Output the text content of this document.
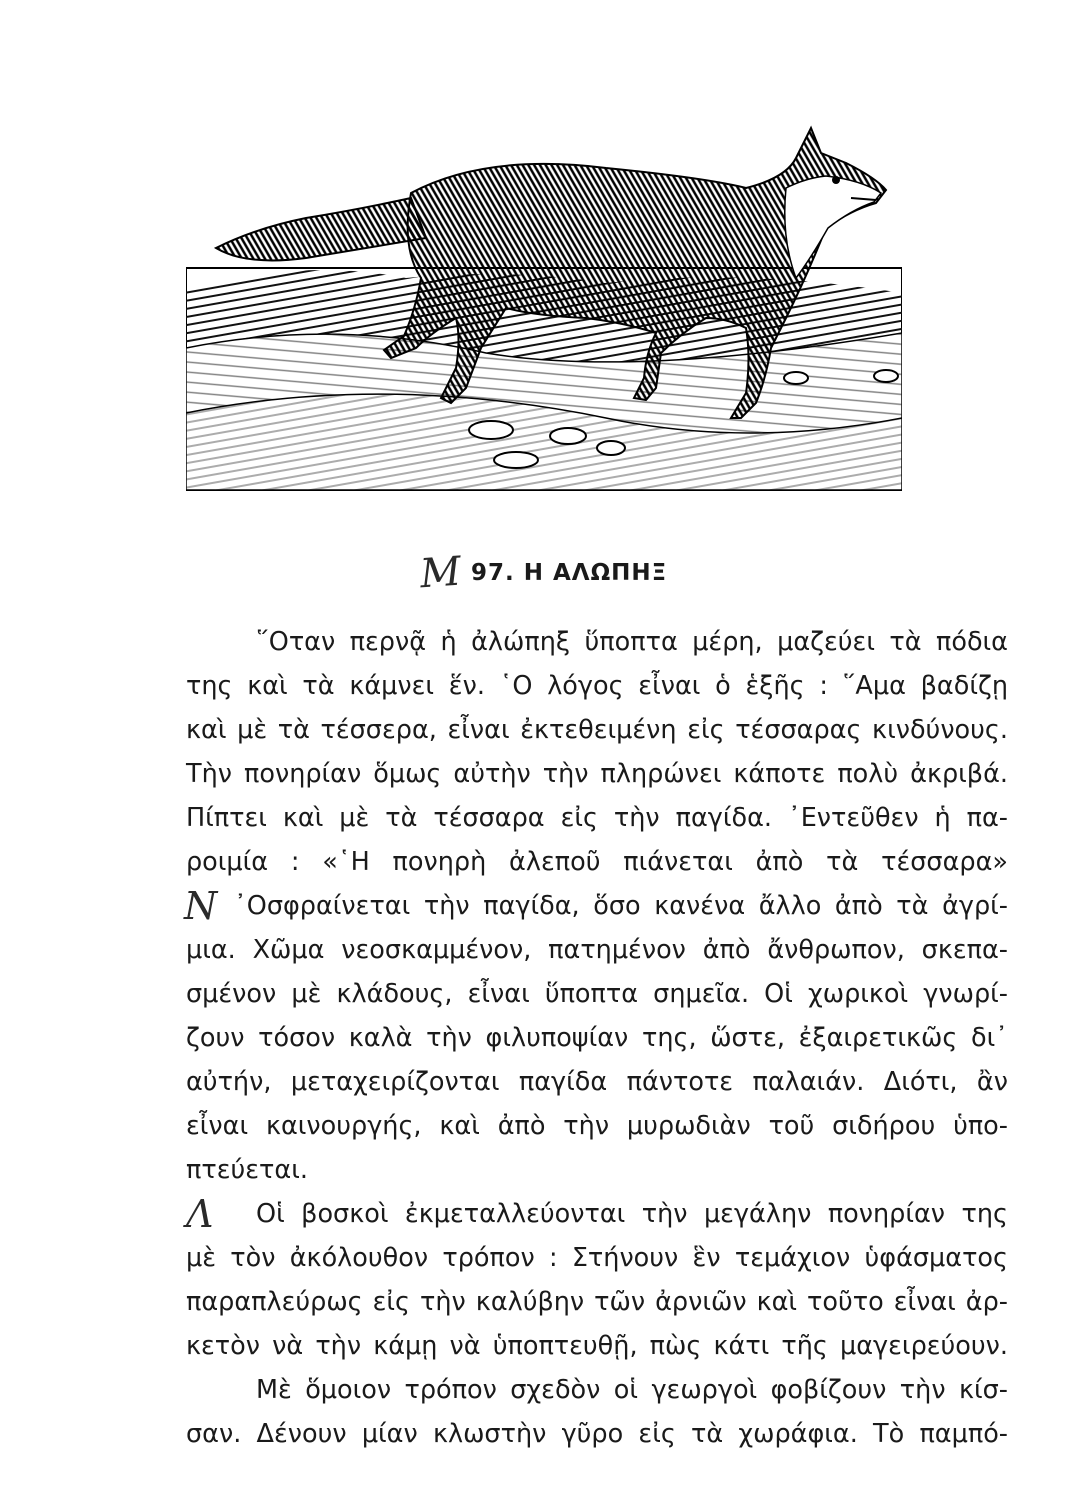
Μ 97. Η ΑΛΩΠΗΞ
῞Οταν περνᾷ ἡ ἀλώπηξ ὕποπτα μέρη, μαζεύει τὰ πόδια
της καὶ τὰ κάμνει ἕν. ῾Ο λόγος εἶναι ὁ ἑξῆς : ῞Αμα βαδίζῃ
καὶ μὲ τὰ τέσσερα, εἶναι ἐκτεθειμένη εἰς τέσσαρας κινδύνους.
Τὴν πονηρίαν ὅμως αὐτὴν τὴν πληρώνει κάποτε πολὺ ἀκριβά.
Πίπτει καὶ μὲ τὰ τέσσαρα εἰς τὴν παγίδα. ᾿Εντεῦθεν ἡ πα-
ροιμία : «῾Η πονηρὴ ἀλεποῦ πιάνεται ἀπὸ τὰ τέσσαρα»
Ν ᾿Οσφραίνεται τὴν παγίδα, ὅσο κανένα ἄλλο ἀπὸ τὰ ἀγρί-
μια. Χῶμα νεοσκαμμένον, πατημένον ἀπὸ ἄνθρωπον, σκεπα-
σμένον μὲ κλάδους, εἶναι ὕποπτα σημεῖα. Οἱ χωρικοὶ γνωρί-
ζουν τόσον καλὰ τὴν φιλυποψίαν της, ὥστε, ἐξαιρετικῶς δι᾿
αὐτήν, μεταχειρίζονται παγίδα πάντοτε παλαιάν. Διότι, ἂν
εἶναι καινουργής, καὶ ἀπὸ τὴν μυρωδιὰν τοῦ σιδήρου ὑπο-
πτεύεται.
Λ Οἱ βοσκοὶ ἐκμεταλλεύονται τὴν μεγάλην πονηρίαν της
μὲ τὸν ἀκόλουθον τρόπον : Στήνουν ἓν τεμάχιον ὑφάσματος
παραπλεύρως εἰς τὴν καλύβην τῶν ἀρνιῶν καὶ τοῦτο εἶναι ἀρ-
κετὸν νὰ τὴν κάμῃ νὰ ὑποπτευθῇ, πὼς κάτι τῆς μαγειρεύουν.
Μὲ ὅμοιον τρόπον σχεδὸν οἱ γεωργοὶ φοβίζουν τὴν κίσ-
σαν. Δένουν μίαν κλωστὴν γῦρο εἰς τὰ χωράφια. Τὸ παμπό-
